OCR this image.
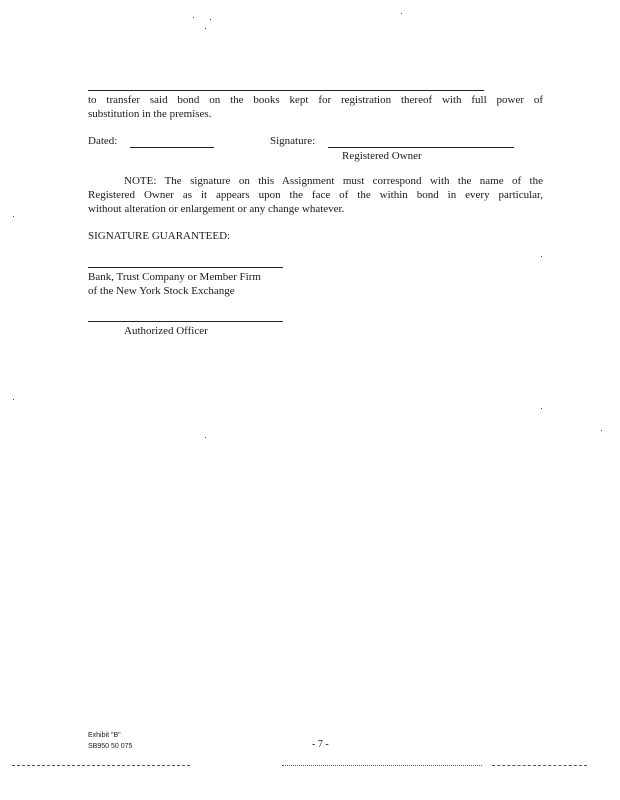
to transfer said bond on the books kept for registration thereof with full power of
substitution in the premises.
Dated:	Signature:
Registered Owner
NOTE: The signature on this Assignment must correspond with the name of the
Registered Owner as it appears upon the face of the within bond in every particular,
without alteration or enlargement or any change whatever.
SIGNATURE GUARANTEED:
Bank, Trust Company or Member Firm
of the New York Stock Exchange
Authorized Officer
Exhibit "B"
SB950 50 075	- 7 -
